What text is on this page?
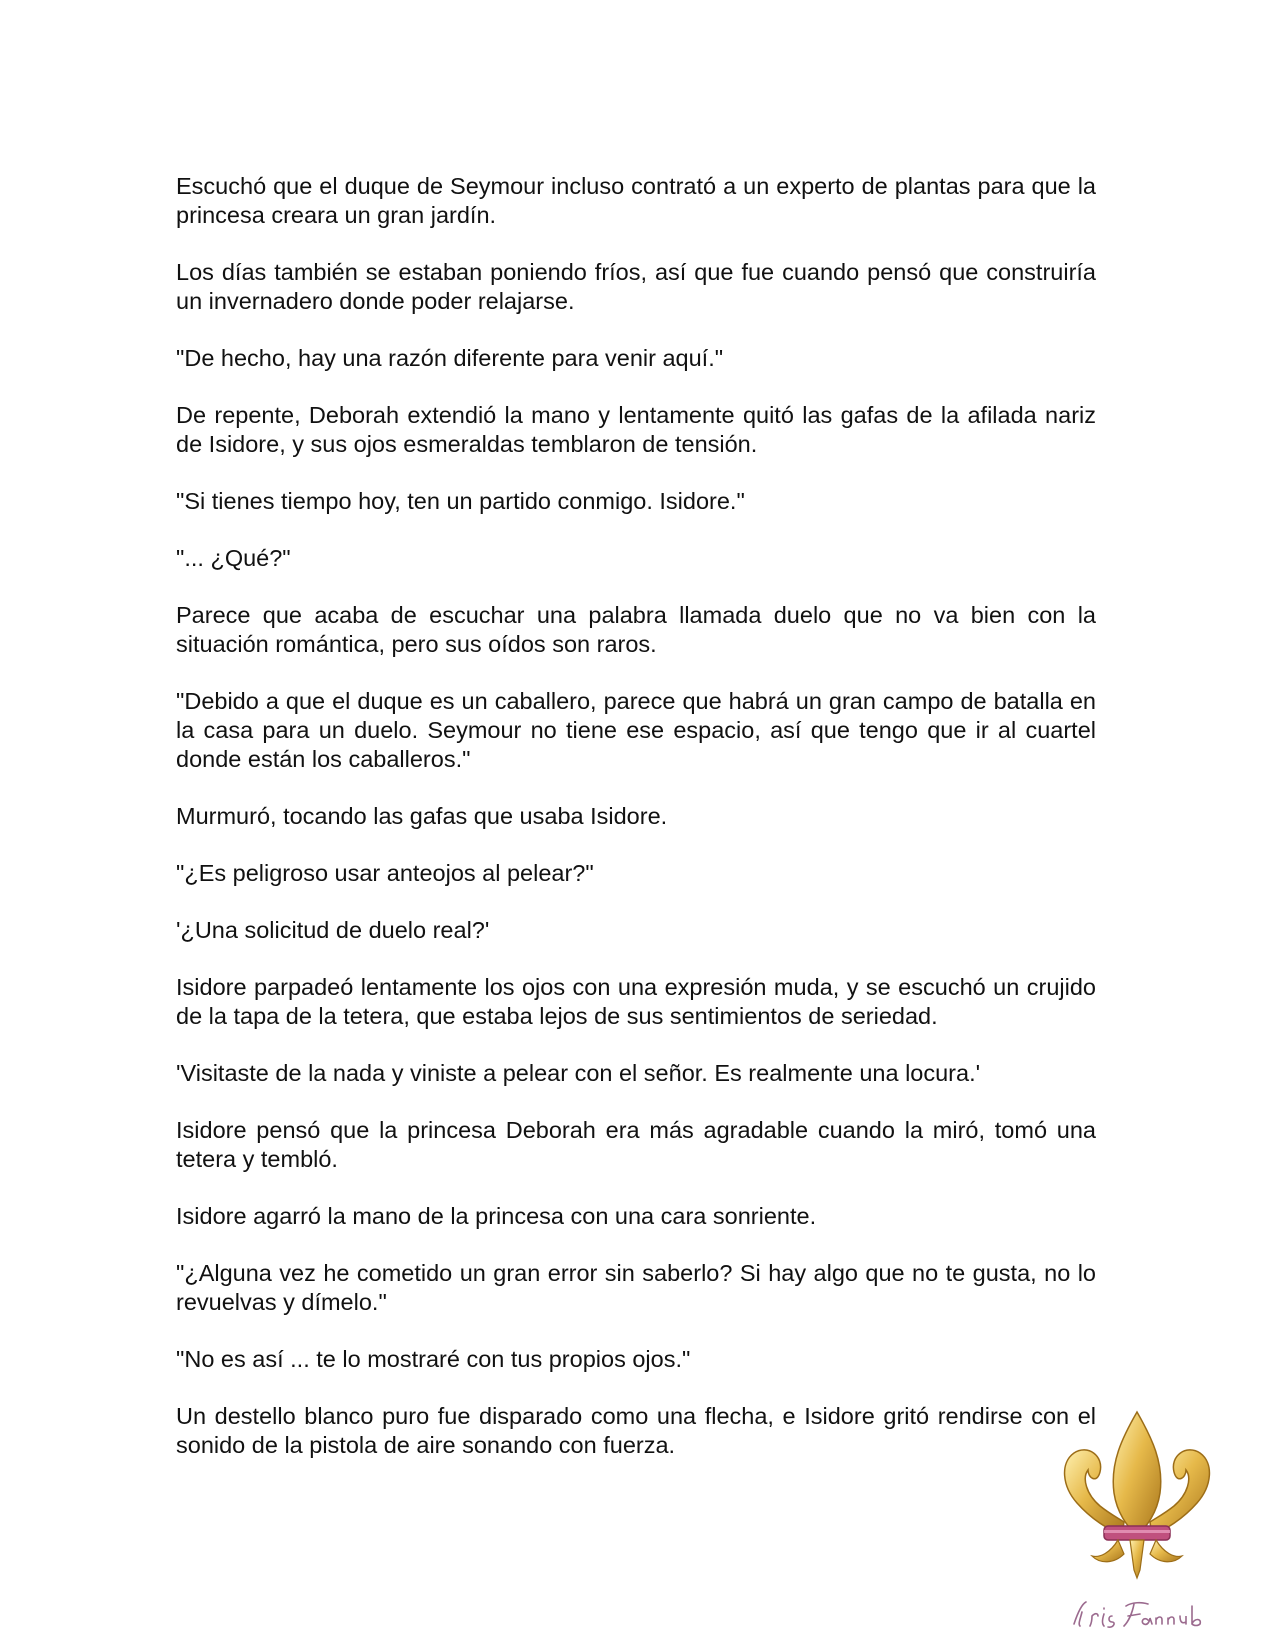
Escuchó que el duque de Seymour incluso contrató a un experto de plantas para que la princesa creara un gran jardín.

Los días también se estaban poniendo fríos, así que fue cuando pensó que construiría un invernadero donde poder relajarse.

"De hecho, hay una razón diferente para venir aquí."

De repente, Deborah extendió la mano y lentamente quitó las gafas de la afilada nariz de Isidore, y sus ojos esmeraldas temblaron de tensión.

"Si tienes tiempo hoy, ten un partido conmigo. Isidore."

"... ¿Qué?"

Parece que acaba de escuchar una palabra llamada duelo que no va bien con la situación romántica, pero sus oídos son raros.

"Debido a que el duque es un caballero, parece que habrá un gran campo de batalla en la casa para un duelo. Seymour no tiene ese espacio, así que tengo que ir al cuartel donde están los caballeros."

Murmuró, tocando las gafas que usaba Isidore.

"¿Es peligroso usar anteojos al pelear?"

'¿Una solicitud de duelo real?'

Isidore parpadeó lentamente los ojos con una expresión muda, y se escuchó un crujido de la tapa de la tetera, que estaba lejos de sus sentimientos de seriedad.

'Visitaste de la nada y viniste a pelear con el señor. Es realmente una locura.'

Isidore pensó que la princesa Deborah era más agradable cuando la miró, tomó una tetera y tembló.

Isidore agarró la mano de la princesa con una cara sonriente.

"¿Alguna vez he cometido un gran error sin saberlo? Si hay algo que no te gusta, no lo revuelvas y dímelo."

"No es así ... te lo mostraré con tus propios ojos."

Un destello blanco puro fue disparado como una flecha, e Isidore gritó rendirse con el sonido de la pistola de aire sonando con fuerza.
